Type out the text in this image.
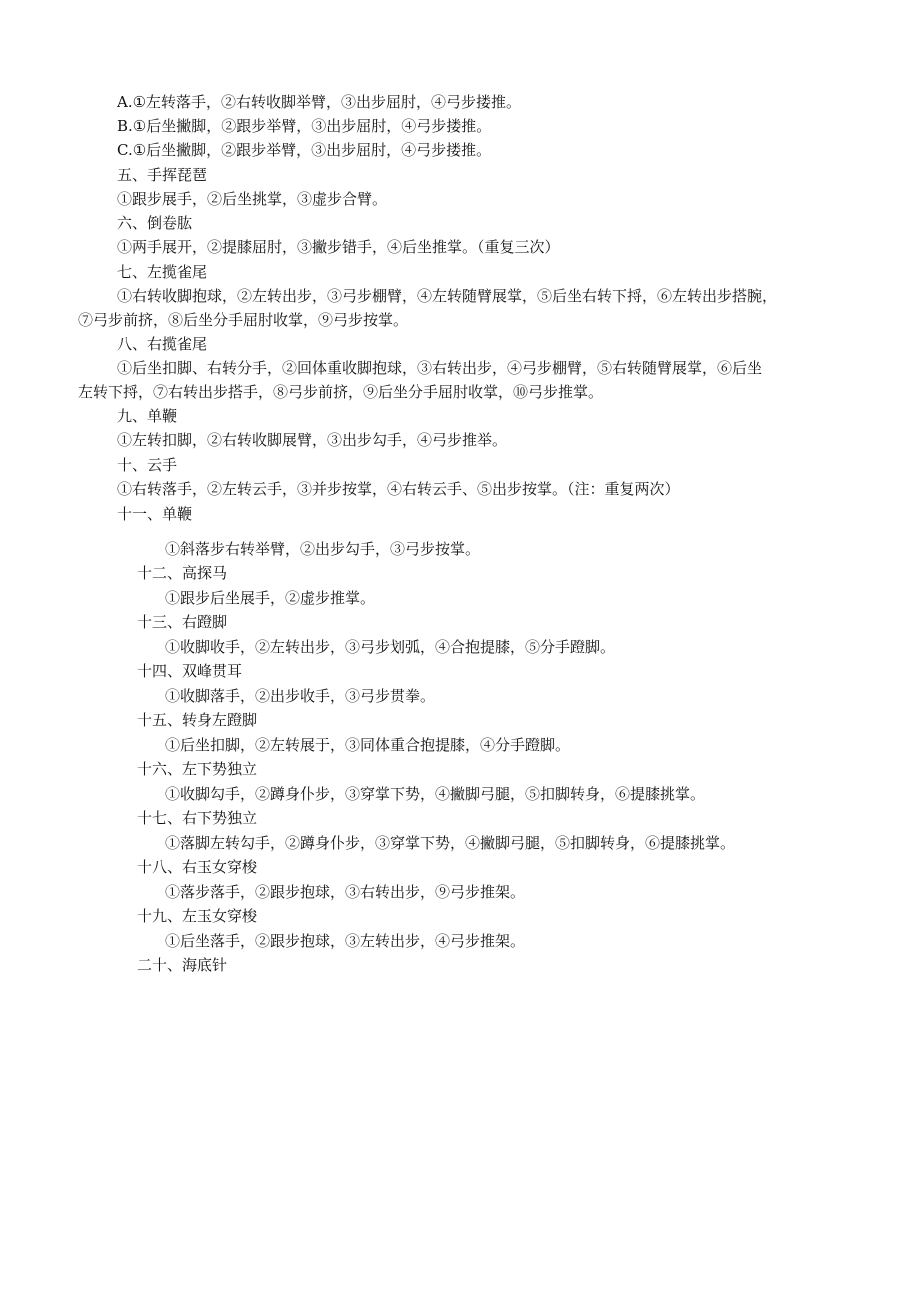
A.①左转落手，②右转收脚举臂，③出步屈肘，④弓步搂推。
B.①后坐撇脚，②跟步举臂，③出步屈肘，④弓步搂推。
C.①后坐撇脚，②跟步举臂，③出步屈肘，④弓步搂推。
五、手挥琵琶
①跟步展手，②后坐挑掌，③虚步合臂。
六、倒卷肱
①两手展开，②提膝屈肘，③撇步错手，④后坐推掌。（重复三次）
七、左揽雀尾
①右转收脚抱球，②左转出步，③弓步棚臂，④左转随臂展掌，⑤后坐右转下捋，⑥左转出步搭腕，
⑦弓步前挤，⑧后坐分手屈肘收掌，⑨弓步按掌。
八、右揽雀尾
①后坐扣脚、右转分手，②回体重收脚抱球，③右转出步，④弓步棚臂，⑤右转随臂展掌，⑥后坐
左转下捋，⑦右转出步搭手，⑧弓步前挤，⑨后坐分手屈肘收掌，⑩弓步推掌。
九、单鞭
①左转扣脚，②右转收脚展臂，③出步勾手，④弓步推举。
十、云手
①右转落手，②左转云手，③并步按掌，④右转云手、⑤出步按掌。（注：重复两次）
十一、单鞭
①斜落步右转举臂，②出步勾手，③弓步按掌。
十二、高探马
①跟步后坐展手，②虚步推掌。
十三、右蹬脚
①收脚收手，②左转出步，③弓步划弧，④合抱提膝，⑤分手蹬脚。
十四、双峰贯耳
①收脚落手，②出步收手，③弓步贯拳。
十五、转身左蹬脚
①后坐扣脚，②左转展于，③同体重合抱提膝，④分手蹬脚。
十六、左下势独立
①收脚勾手，②蹲身仆步，③穿掌下势，④撇脚弓腿，⑤扣脚转身，⑥提膝挑掌。
十七、右下势独立
①落脚左转勾手，②蹲身仆步，③穿掌下势，④撇脚弓腿，⑤扣脚转身，⑥提膝挑掌。
十八、右玉女穿梭
①落步落手，②跟步抱球，③右转出步，⑨弓步推架。
十九、左玉女穿梭
①后坐落手，②跟步抱球，③左转出步，④弓步推架。
二十、海底针
